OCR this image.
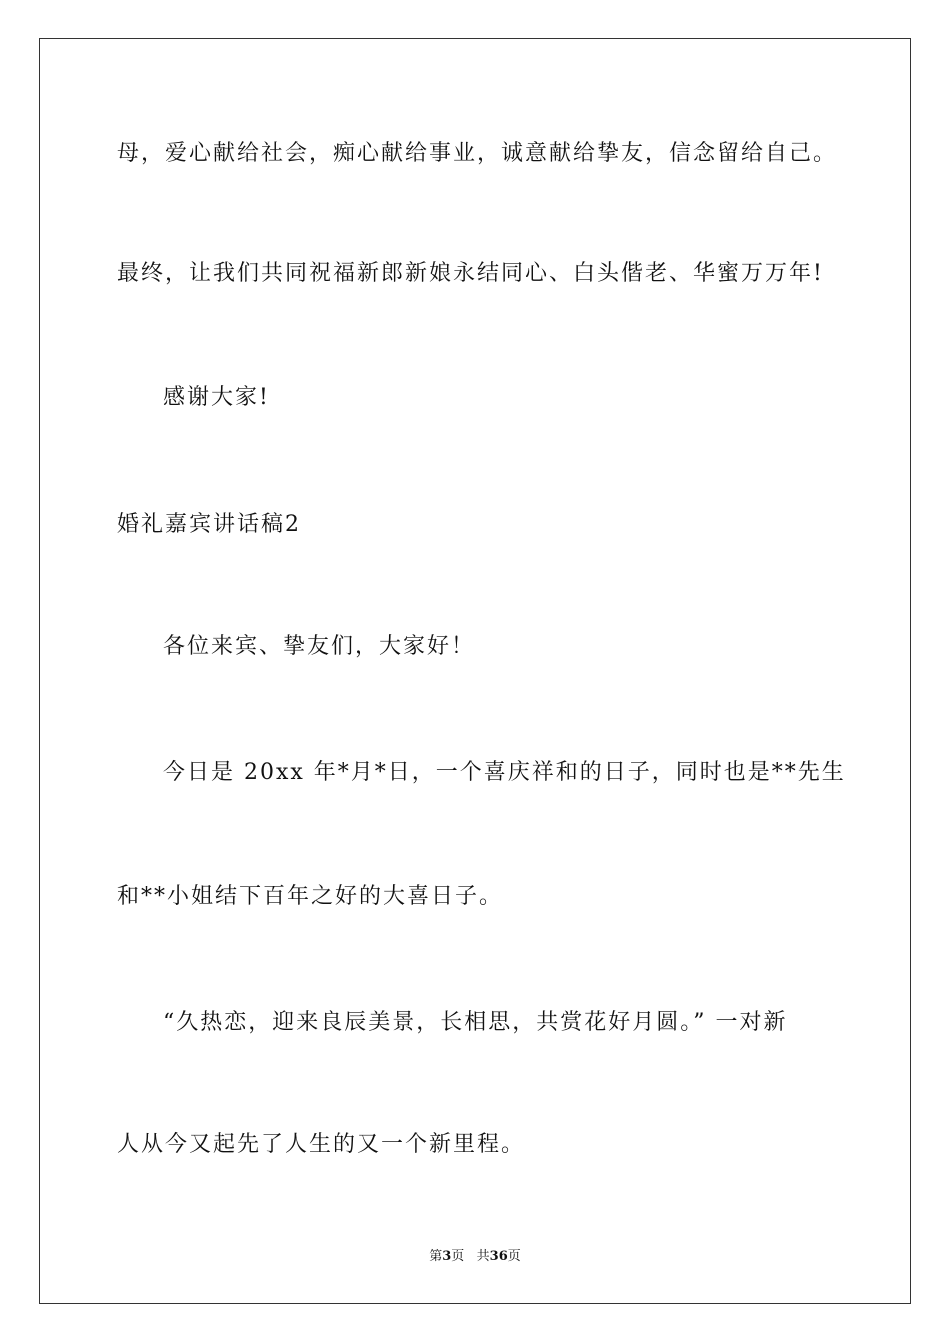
母，爱心献给社会，痴心献给事业，诚意献给挚友，信念留给自己。
最终，让我们共同祝福新郎新娘永结同心、白头偕老、华蜜万万年!
感谢大家!
婚礼嘉宾讲话稿2
各位来宾、挚友们，大家好！
今日是 20xx 年*月*日，一个喜庆祥和的日子，同时也是**先生
和**小姐结下百年之好的大喜日子。
“久热恋，迎来良辰美景，长相思，共赏花好月圆。” 一对新
人从今又起先了人生的又一个新里程。
第3页   共36页
